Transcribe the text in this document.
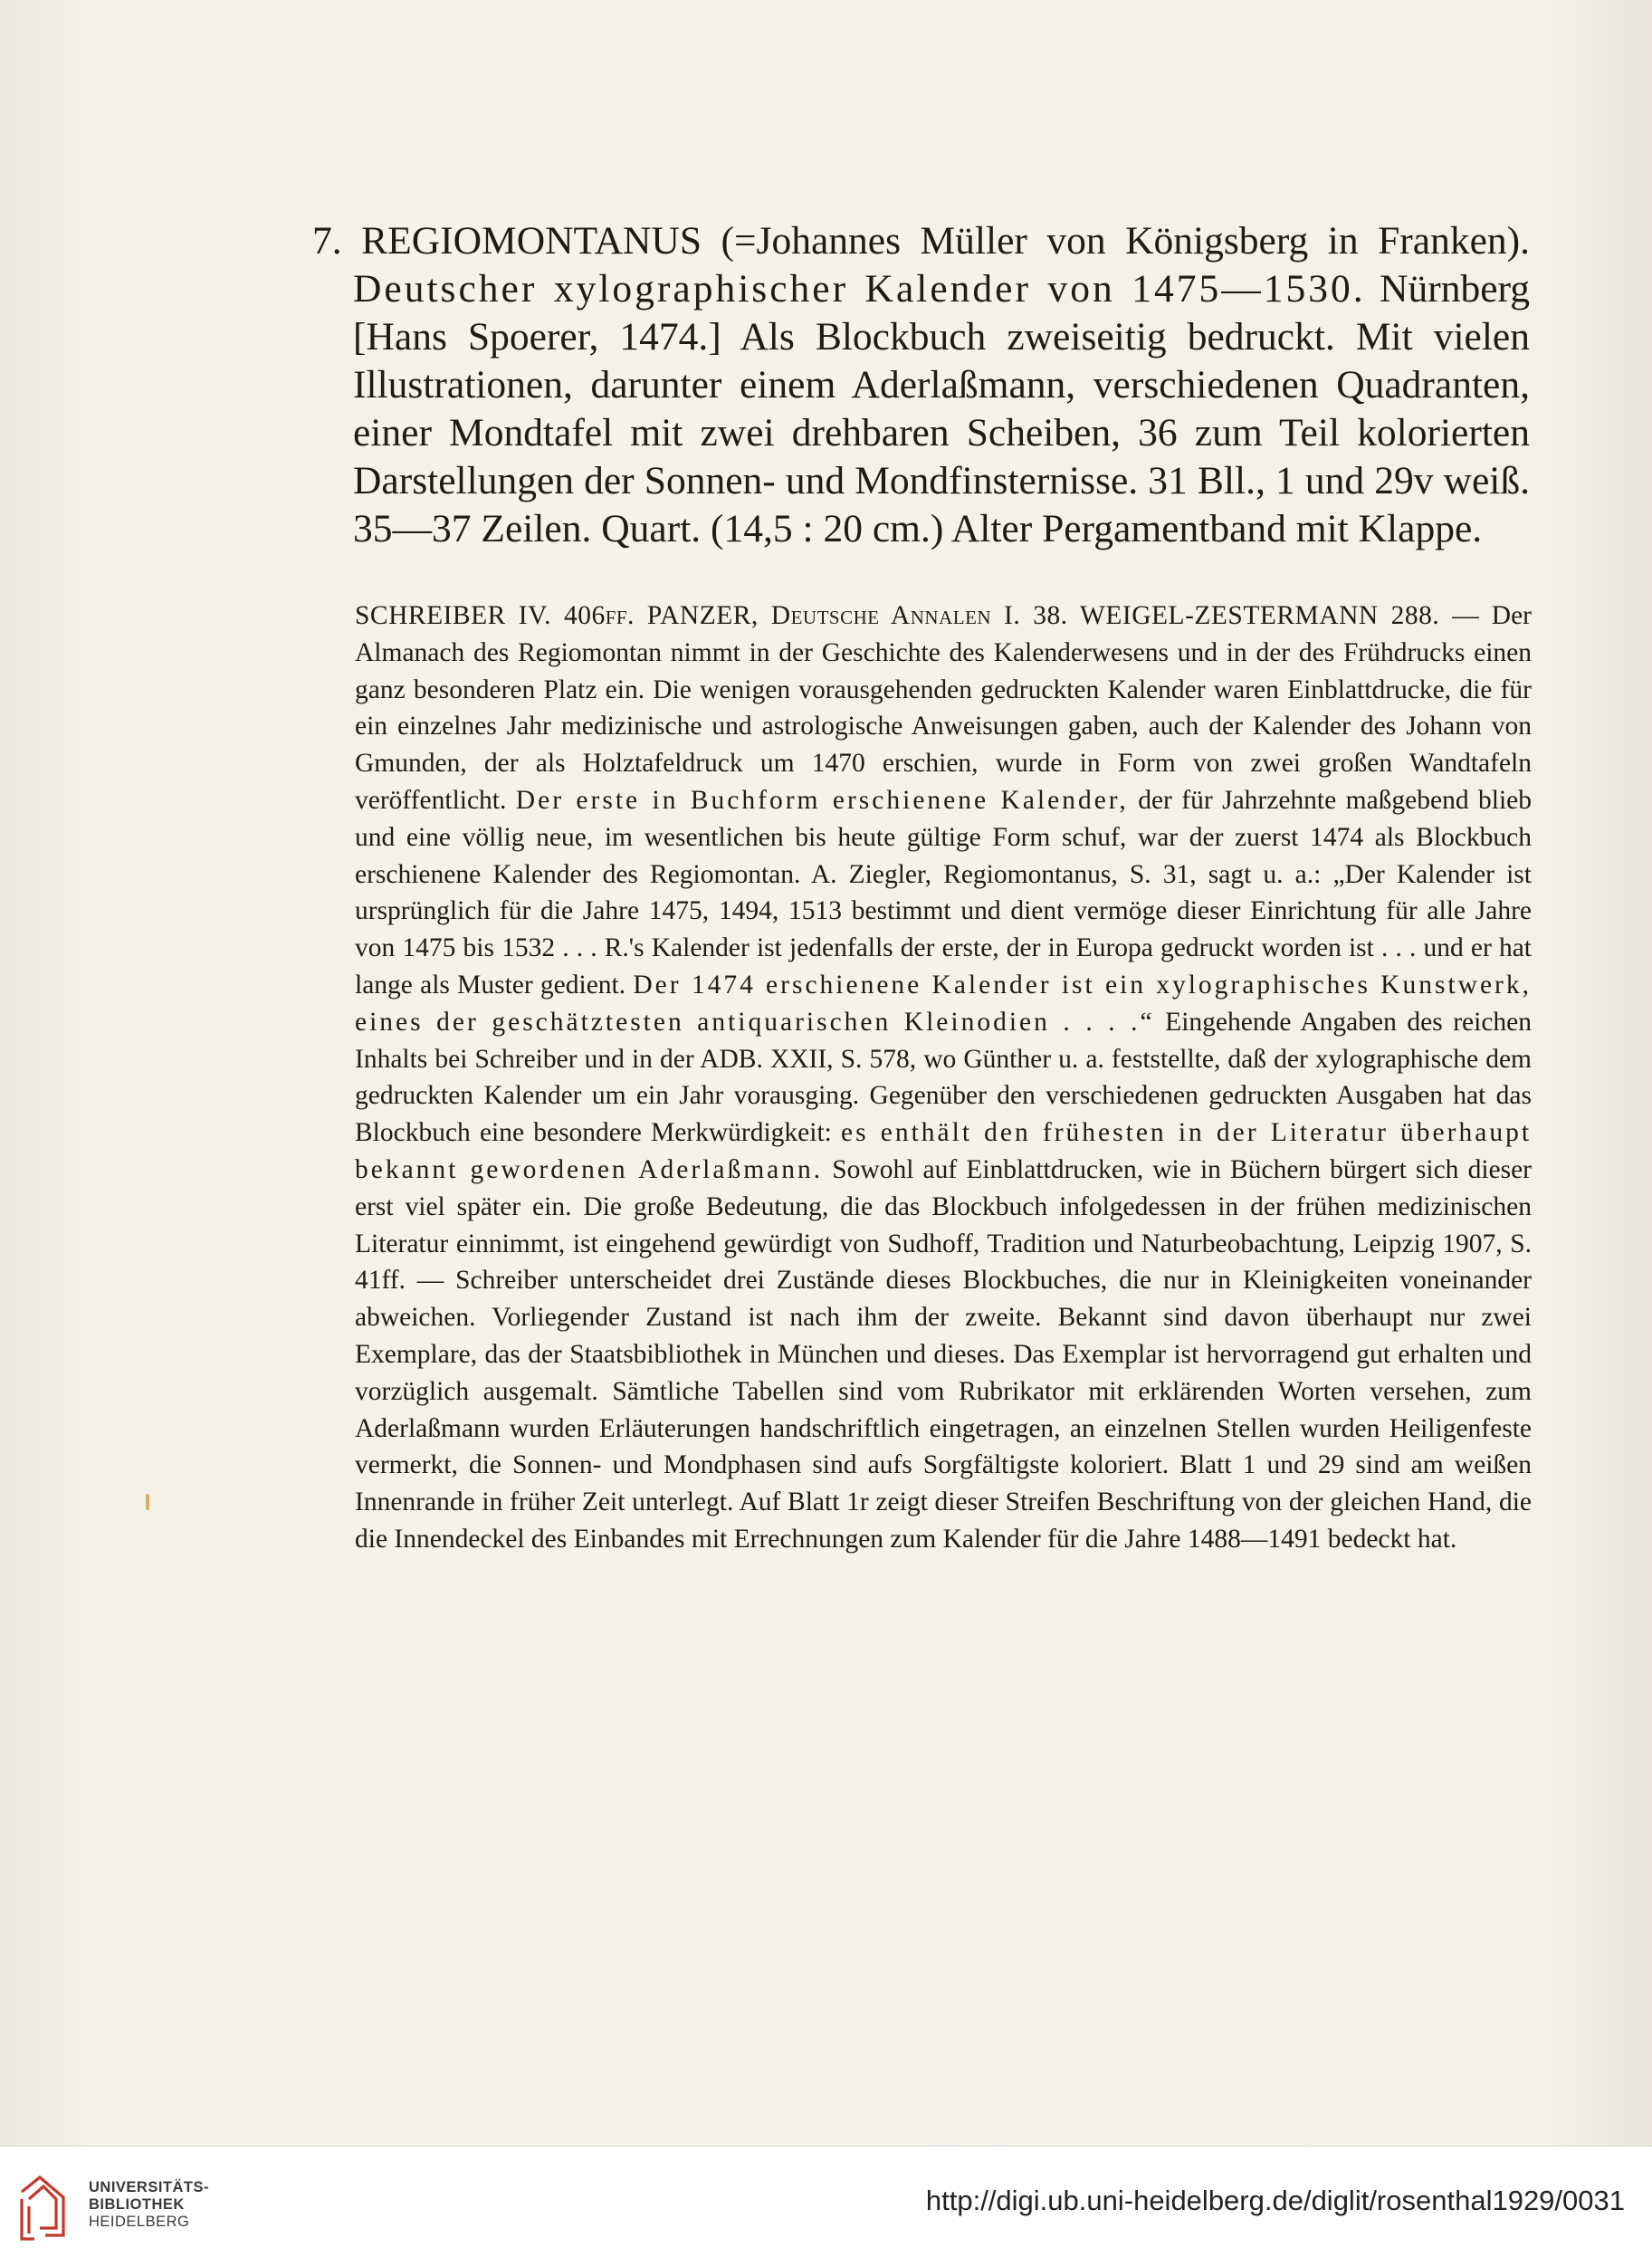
7. REGIOMONTANUS (=Johannes Müller von Königsberg in Franken). Deutscher xylographischer Kalender von 1475—1530. Nürnberg [Hans Spoerer, 1474.] Als Blockbuch zweiseitig bedruckt. Mit vielen Illustrationen, darunter einem Aderlaßmann, verschiedenen Quadranten, einer Mondtafel mit zwei drehbaren Scheiben, 36 zum Teil kolorierten Darstellungen der Sonnen- und Mondfinsternisse. 31 Bll., 1 und 29v weiß. 35—37 Zeilen. Quart. (14,5 : 20 cm.) Alter Pergamentband mit Klappe.

SCHREIBER IV. 406ff. PANZER, Deutsche Annalen I. 38. WEIGEL-ZESTERMANN 288. — Der Almanach des Regiomontan nimmt in der Geschichte des Kalenderwesens und in der des Frühdrucks einen ganz besonderen Platz ein. Die wenigen vorausgehenden gedruckten Kalender waren Einblattdrucke, die für ein einzelnes Jahr medizinische und astrologische Anweisungen gaben, auch der Kalender des Johann von Gmunden, der als Holztafeldruck um 1470 erschien, wurde in Form von zwei großen Wandtafeln veröffentlicht. Der erste in Buchform erschienene Kalender, der für Jahrzehnte maßgebend blieb und eine völlig neue, im wesentlichen bis heute gültige Form schuf, war der zuerst 1474 als Blockbuch erschienene Kalender des Regiomontan. A. Ziegler, Regiomontanus, S. 31, sagt u. a.: „Der Kalender ist ursprünglich für die Jahre 1475, 1494, 1513 bestimmt und dient vermöge dieser Einrichtung für alle Jahre von 1475 bis 1532 . . . R.'s Kalender ist jedenfalls der erste, der in Europa gedruckt worden ist . . . und er hat lange als Muster gedient. Der 1474 erschienene Kalender ist ein xylographisches Kunstwerk, eines der geschätztesten antiquarischen Kleinodien . . . .“ Eingehende Angaben des reichen Inhalts bei Schreiber und in der ADB. XXII, S. 578, wo Günther u. a. feststellte, daß der xylographische dem gedruckten Kalender um ein Jahr vorausging. Gegenüber den verschiedenen gedruckten Ausgaben hat das Blockbuch eine besondere Merkwürdigkeit: es enthält den frühesten in der Literatur überhaupt bekannt gewordenen Aderlaßmann. Sowohl auf Einblattdrucken, wie in Büchern bürgert sich dieser erst viel später ein. Die große Bedeutung, die das Blockbuch infolgedessen in der frühen medizinischen Literatur einnimmt, ist eingehend gewürdigt von Sudhoff, Tradition und Naturbeobachtung, Leipzig 1907, S. 41ff. — Schreiber unterscheidet drei Zustände dieses Blockbuches, die nur in Kleinigkeiten voneinander abweichen. Vorliegender Zustand ist nach ihm der zweite. Bekannt sind davon überhaupt nur zwei Exemplare, das der Staatsbibliothek in München und dieses. Das Exemplar ist hervorragend gut erhalten und vorzüglich ausgemalt. Sämtliche Tabellen sind vom Rubrikator mit erklärenden Worten versehen, zum Aderlaßmann wurden Erläuterungen handschriftlich eingetragen, an einzelnen Stellen wurden Heiligenfeste vermerkt, die Sonnen- und Mondphasen sind aufs Sorgfältigste koloriert. Blatt 1 und 29 sind am weißen Innenrande in früher Zeit unterlegt. Auf Blatt 1r zeigt dieser Streifen Beschriftung von der gleichen Hand, die die Innendeckel des Einbandes mit Errechnungen zum Kalender für die Jahre 1488—1491 bedeckt hat.

UNIVERSITÄTS-
BIBLIOTHEK
HEIDELBERG
http://digi.ub.uni-heidelberg.de/diglit/rosenthal1929/0031
